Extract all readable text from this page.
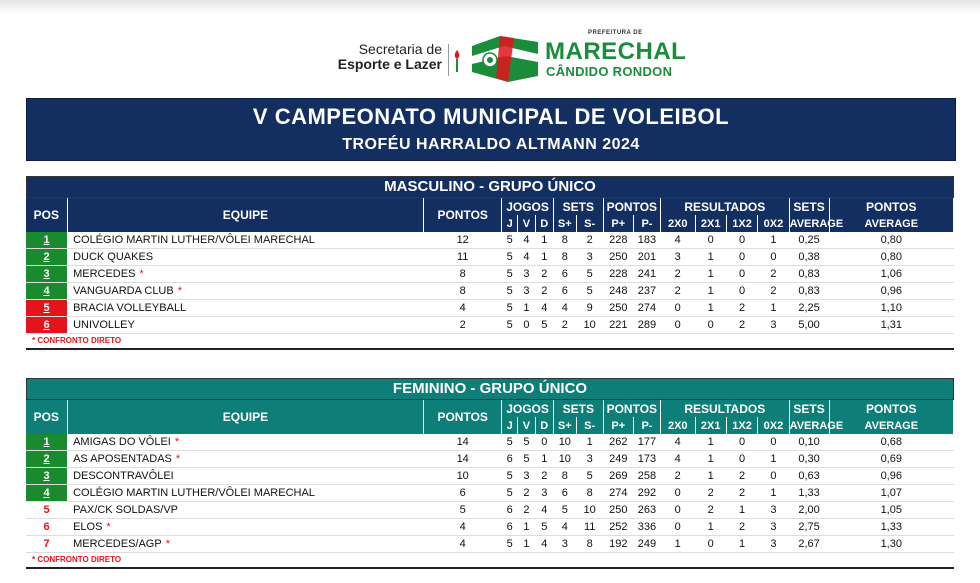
Secretaria de
Esporte e Lazer
PREFEITURA DE
MARECHAL
CÂNDIDO RONDON
V CAMPEONATO MUNICIPAL DE VOLEIBOL
TROFÉU HARRALDO ALTMANN 2024
MASCULINO - GRUPO ÚNICO
POS	EQUIPE	PONTOS	JOGOS			SETS		PONTOS		RESULTADOS				SETS	PONTOS
			J	V	D	S+	S-	P+	P-	2X0	2X1	1X2	0X2	AVERAGE	AVERAGE
1	COLÉGIO MARTIN LUTHER/VÔLEI MARECHAL	12	5	4	1	8	2	228	183	4	0	0	1	0,25	0,80
2	DUCK QUAKES	11	5	4	1	8	3	250	201	3	1	0	0	0,38	0,80
3	MERCEDES *	8	5	3	2	6	5	228	241	2	1	0	2	0,83	1,06
4	VANGUARDA CLUB *	8	5	3	2	6	5	248	237	2	1	0	2	0,83	0,96
5	BRACIA VOLLEYBALL	4	5	1	4	4	9	250	274	0	1	2	1	2,25	1,10
6	UNIVOLLEY	2	5	0	5	2	10	221	289	0	0	2	3	5,00	1,31
* CONFRONTO DIRETO															
FEMININO - GRUPO ÚNICO
POS	EQUIPE	PONTOS	JOGOS			SETS		PONTOS		RESULTADOS				SETS	PONTOS
			J	V	D	S+	S-	P+	P-	2X0	2X1	1X2	0X2	AVERAGE	AVERAGE
1	AMIGAS DO VÔLEI *	14	5	5	0	10	1	262	177	4	1	0	0	0,10	0,68
2	AS APOSENTADAS *	14	6	5	1	10	3	249	173	4	1	0	1	0,30	0,69
3	DESCONTRAVÔLEI	10	5	3	2	8	5	269	258	2	1	2	0	0,63	0,96
4	COLÉGIO MARTIN LUTHER/VÔLEI MARECHAL	6	5	2	3	6	8	274	292	0	2	2	1	1,33	1,07
5	PAX/CK SOLDAS/VP	5	6	2	4	5	10	250	263	0	2	1	3	2,00	1,05
6	ELOS *	4	6	1	5	4	11	252	336	0	1	2	3	2,75	1,33
7	MERCEDES/AGP *	4	5	1	4	3	8	192	249	1	0	1	3	2,67	1,30
* CONFRONTO DIRETO															
